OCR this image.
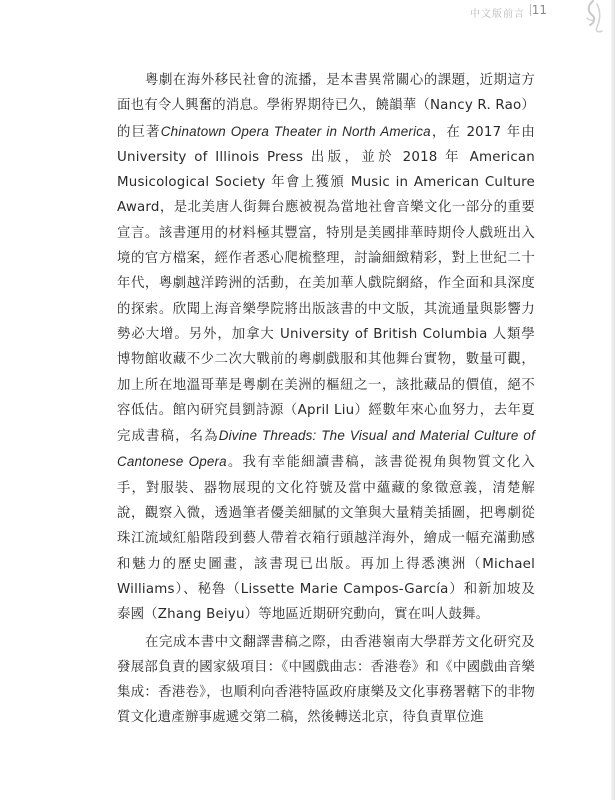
中文版前言 11

粵劇在海外移民社會的流播，是本書異常關心的課題，近期這方面也有令人興奮的消息。學術界期待已久，饒韻華（Nancy R. Rao）的巨著Chinatown Opera Theater in North America，在 2017 年由 University of Illinois Press 出版，並於 2018 年 American Musicological Society 年會上獲頒 Music in American Culture Award，是北美唐人街舞台應被視為當地社會音樂文化一部分的重要宣言。該書運用的材料極其豐富，特別是美國排華時期伶人戲班出入境的官方檔案，經作者悉心爬梳整理，討論細緻精彩，對上世紀二十年代，粵劇越洋跨洲的活動，在美加華人戲院網絡，作全面和具深度的探索。欣聞上海音樂學院將出版該書的中文版，其流通量與影響力勢必大增。另外，加拿大 University of British Columbia 人類學博物館收藏不少二次大戰前的粵劇戲服和其他舞台實物，數量可觀，加上所在地溫哥華是粵劇在美洲的樞紐之一，該批藏品的價值，絕不容低估。館內研究員劉詩源（April Liu）經數年來心血努力，去年夏完成書稿，名為Divine Threads: The Visual and Material Culture of Cantonese Opera。我有幸能細讀書稿，該書從視角與物質文化入手，對服裝、器物展現的文化符號及當中蘊藏的象徵意義，清楚解說，觀察入微，透過筆者優美細膩的文筆與大量精美插圖，把粵劇從珠江流域紅船階段到藝人帶着衣箱行頭越洋海外，繪成一幅充滿動感和魅力的歷史圖畫，該書現已出版。再加上得悉澳洲（Michael Williams）、秘魯（Lissette Marie Campos-García）和新加坡及泰國（Zhang Beiyu）等地區近期研究動向，實在叫人鼓舞。

在完成本書中文翻譯書稿之際，由香港嶺南大學群芳文化研究及發展部負責的國家級項目：《中國戲曲志：香港卷》和《中國戲曲音樂集成：香港卷》，也順利向香港特區政府康樂及文化事務署轄下的非物質文化遺產辦事處遞交第二稿，然後轉送北京，待負責單位進
